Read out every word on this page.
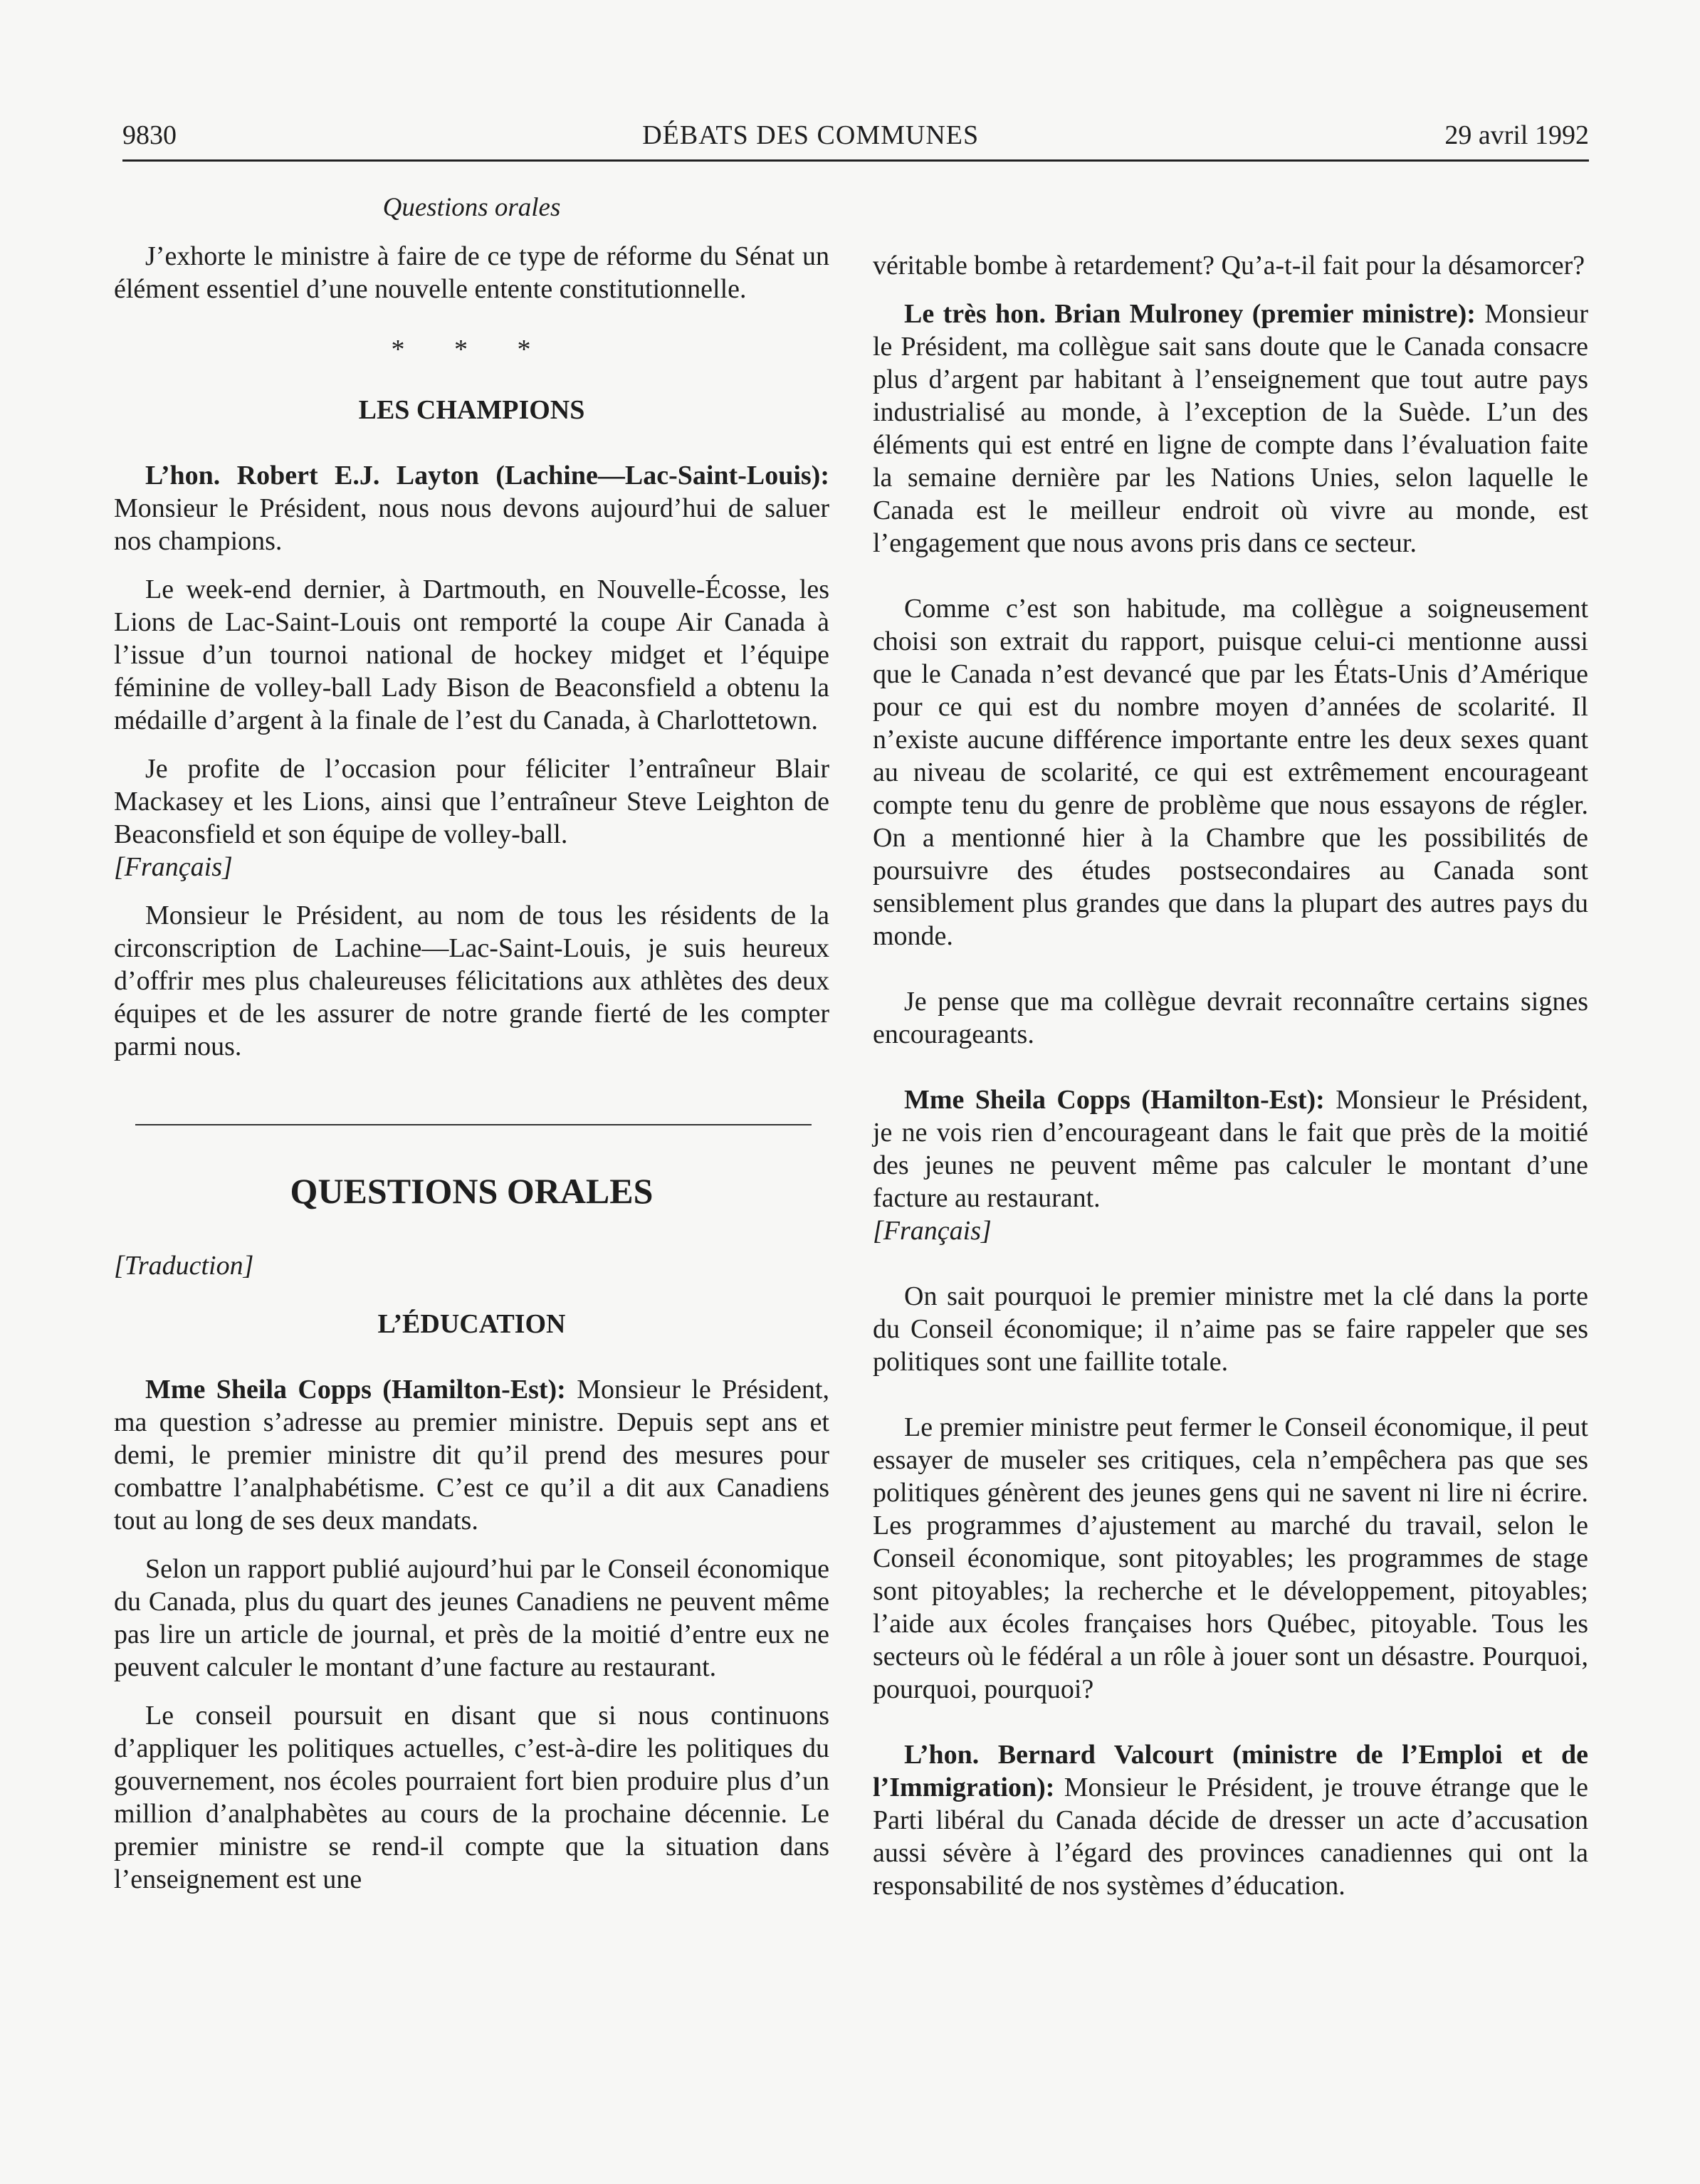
9830	DÉBATS DES COMMUNES	29 avril 1992
Questions orales

J’exhorte le ministre à faire de ce type de réforme du Sénat un élément essentiel d’une nouvelle entente constitutionnelle.

* * *
LES CHAMPIONS

L’hon. Robert E.J. Layton (Lachine—Lac-Saint-Louis): Monsieur le Président, nous nous devons aujourd’hui de saluer nos champions.

Le week-end dernier, à Dartmouth, en Nouvelle-Écosse, les Lions de Lac-Saint-Louis ont remporté la coupe Air Canada à l’issue d’un tournoi national de hockey midget et l’équipe féminine de volley-ball Lady Bison de Beaconsfield a obtenu la médaille d’argent à la finale de l’est du Canada, à Charlottetown.

Je profite de l’occasion pour féliciter l’entraîneur Blair Mackasey et les Lions, ainsi que l’entraîneur Steve Leighton de Beaconsfield et son équipe de volley-ball.

[Français]

Monsieur le Président, au nom de tous les résidents de la circonscription de Lachine—Lac-Saint-Louis, je suis heureux d’offrir mes plus chaleureuses félicitations aux athlètes des deux équipes et de les assurer de notre grande fierté de les compter parmi nous.

QUESTIONS ORALES

[Traduction]

L’ÉDUCATION

Mme Sheila Copps (Hamilton-Est): Monsieur le Président, ma question s’adresse au premier ministre. Depuis sept ans et demi, le premier ministre dit qu’il prend des mesures pour combattre l’analphabétisme. C’est ce qu’il a dit aux Canadiens tout au long de ses deux mandats.

Selon un rapport publié aujourd’hui par le Conseil économique du Canada, plus du quart des jeunes Canadiens ne peuvent même pas lire un article de journal, et près de la moitié d’entre eux ne peuvent calculer le montant d’une facture au restaurant.

Le conseil poursuit en disant que si nous continuons d’appliquer les politiques actuelles, c’est-à-dire les politiques du gouvernement, nos écoles pourraient fort bien produire plus d’un million d’analphabètes au cours de la prochaine décennie. Le premier ministre se rend-il compte que la situation dans l’enseignement est une

véritable bombe à retardement? Qu’a-t-il fait pour la désamorcer?

Le très hon. Brian Mulroney (premier ministre): Monsieur le Président, ma collègue sait sans doute que le Canada consacre plus d’argent par habitant à l’enseignement que tout autre pays industrialisé au monde, à l’exception de la Suède. L’un des éléments qui est entré en ligne de compte dans l’évaluation faite la semaine dernière par les Nations Unies, selon laquelle le Canada est le meilleur endroit où vivre au monde, est l’engagement que nous avons pris dans ce secteur.

Comme c’est son habitude, ma collègue a soigneusement choisi son extrait du rapport, puisque celui-ci mentionne aussi que le Canada n’est devancé que par les États-Unis d’Amérique pour ce qui est du nombre moyen d’années de scolarité. Il n’existe aucune différence importante entre les deux sexes quant au niveau de scolarité, ce qui est extrêmement encourageant compte tenu du genre de problème que nous essayons de régler. On a mentionné hier à la Chambre que les possibilités de poursuivre des études postsecondaires au Canada sont sensiblement plus grandes que dans la plupart des autres pays du monde.

Je pense que ma collègue devrait reconnaître certains signes encourageants.

Mme Sheila Copps (Hamilton-Est): Monsieur le Président, je ne vois rien d’encourageant dans le fait que près de la moitié des jeunes ne peuvent même pas calculer le montant d’une facture au restaurant.

[Français]

On sait pourquoi le premier ministre met la clé dans la porte du Conseil économique; il n’aime pas se faire rappeler que ses politiques sont une faillite totale.

Le premier ministre peut fermer le Conseil économique, il peut essayer de museler ses critiques, cela n’empêchera pas que ses politiques génèrent des jeunes gens qui ne savent ni lire ni écrire. Les programmes d’ajustement au marché du travail, selon le Conseil économique, sont pitoyables; les programmes de stage sont pitoyables; la recherche et le développement, pitoyables; l’aide aux écoles françaises hors Québec, pitoyable. Tous les secteurs où le fédéral a un rôle à jouer sont un désastre. Pourquoi, pourquoi, pourquoi?

L’hon. Bernard Valcourt (ministre de l’Emploi et de l’Immigration): Monsieur le Président, je trouve étrange que le Parti libéral du Canada décide de dresser un acte d’accusation aussi sévère à l’égard des provinces canadiennes qui ont la responsabilité de nos systèmes d’éducation.
